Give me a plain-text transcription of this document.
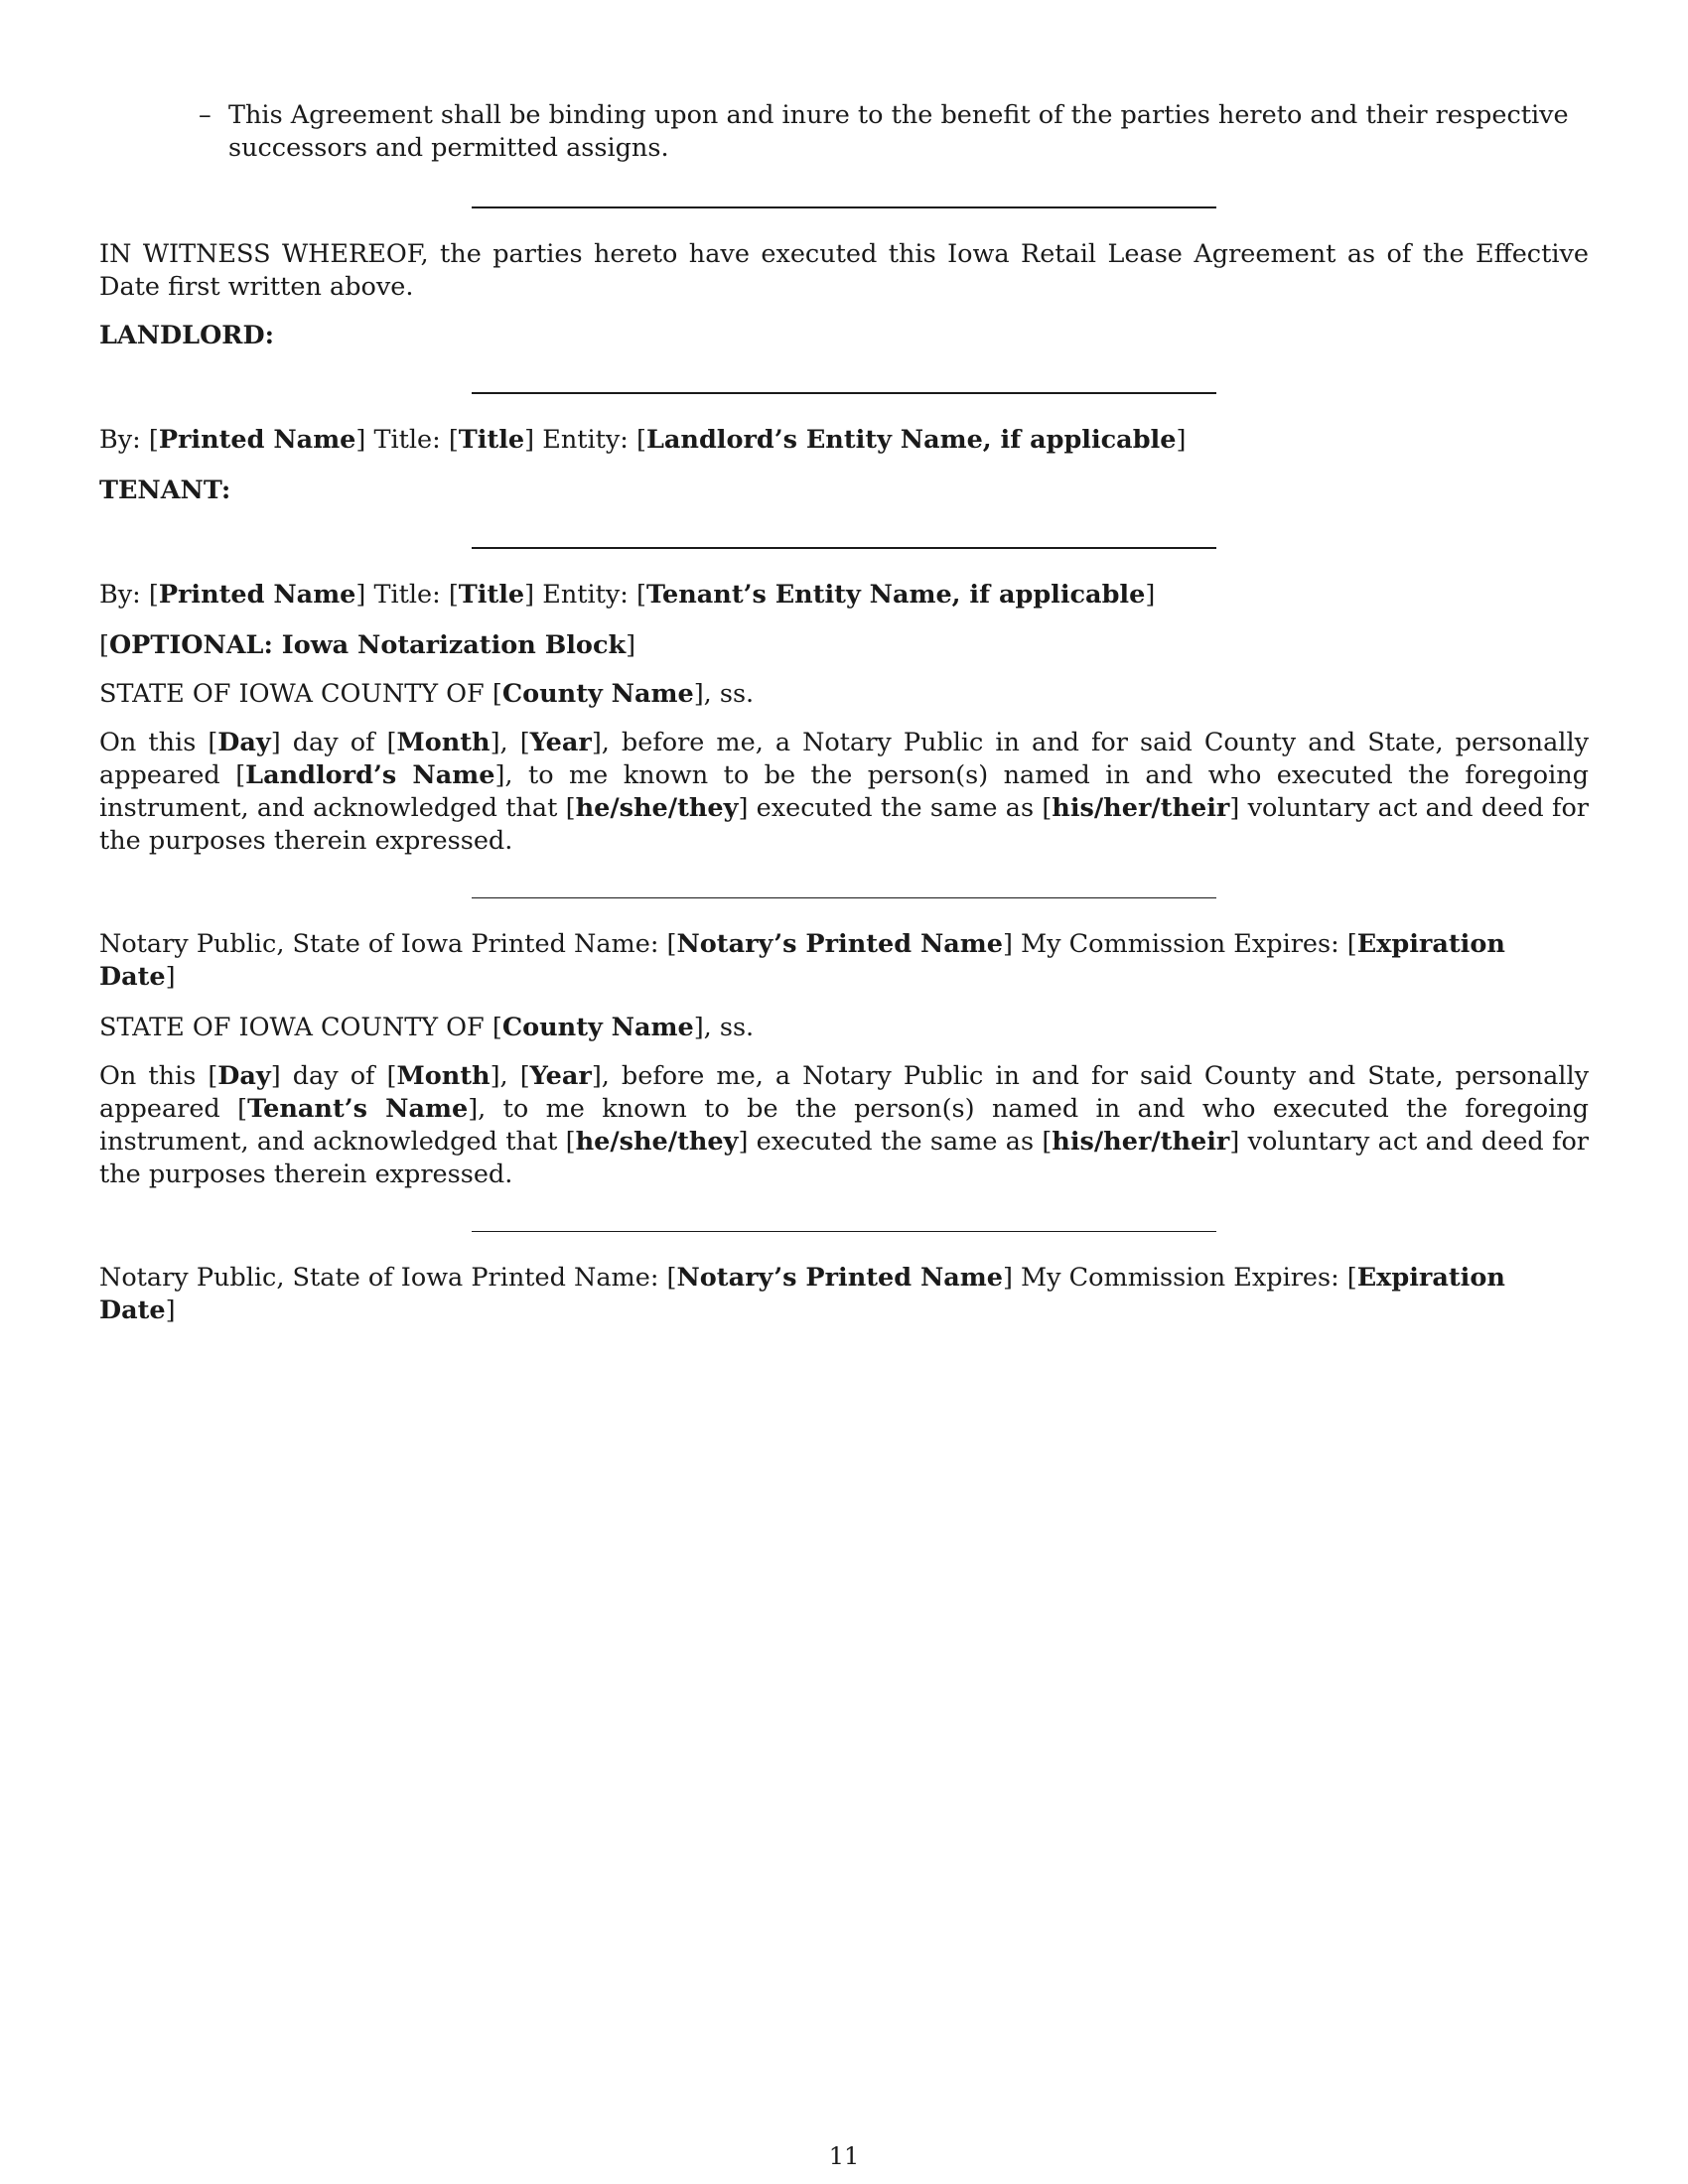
– This Agreement shall be binding upon and inure to the benefit of the parties hereto and their respective successors and permitted assigns.

IN WITNESS WHEREOF, the parties hereto have executed this Iowa Retail Lease Agreement as of the Effective Date first written above.

LANDLORD:

By: [Printed Name] Title: [Title] Entity: [Landlord’s Entity Name, if applicable]

TENANT:

By: [Printed Name] Title: [Title] Entity: [Tenant’s Entity Name, if applicable]

[OPTIONAL: Iowa Notarization Block]

STATE OF IOWA COUNTY OF [County Name], ss.

On this [Day] day of [Month], [Year], before me, a Notary Public in and for said County and State, personally appeared [Landlord’s Name], to me known to be the person(s) named in and who executed the foregoing instrument, and acknowledged that [he/she/they] executed the same as [his/her/their] voluntary act and deed for the purposes therein expressed.

Notary Public, State of Iowa Printed Name: [Notary’s Printed Name] My Commission Expires: [Expiration Date]

STATE OF IOWA COUNTY OF [County Name], ss.

On this [Day] day of [Month], [Year], before me, a Notary Public in and for said County and State, personally appeared [Tenant’s Name], to me known to be the person(s) named in and who executed the foregoing instrument, and acknowledged that [he/she/they] executed the same as [his/her/their] voluntary act and deed for the purposes therein expressed.

Notary Public, State of Iowa Printed Name: [Notary’s Printed Name] My Commission Expires: [Expiration Date]

11
